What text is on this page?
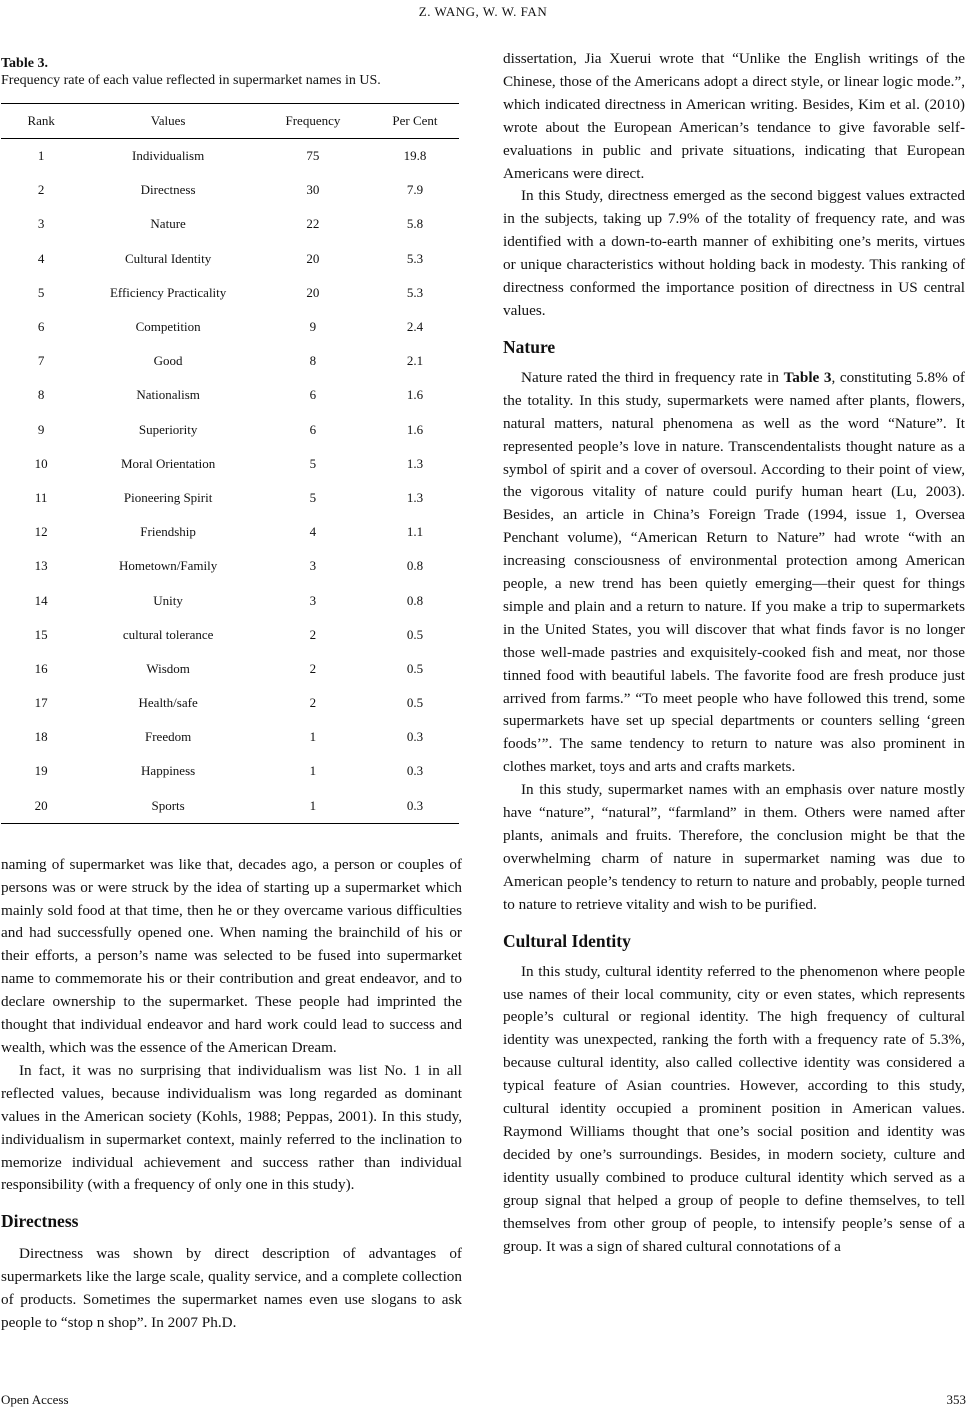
Z. WANG, W. W. FAN
Table 3.
Frequency rate of each value reflected in supermarket names in US.
Rank	Values	Frequency	Per Cent
1	Individualism	75	19.8
2	Directness	30	7.9
3	Nature	22	5.8
4	Cultural Identity	20	5.3
5	Efficiency Practicality	20	5.3
6	Competition	9	2.4
7	Good	8	2.1
8	Nationalism	6	1.6
9	Superiority	6	1.6
10	Moral Orientation	5	1.3
11	Pioneering Spirit	5	1.3
12	Friendship	4	1.1
13	Hometown/Family	3	0.8
14	Unity	3	0.8
15	cultural tolerance	2	0.5
16	Wisdom	2	0.5
17	Health/safe	2	0.5
18	Freedom	1	0.3
19	Happiness	1	0.3
20	Sports	1	0.3

naming of supermarket was like that, decades ago, a person or couples of persons was or were struck by the idea of starting up a supermarket which mainly sold food at that time, then he or they overcame various difficulties and had successfully opened one. When naming the brainchild of his or their efforts, a person’s name was selected to be fused into supermarket name to commemorate his or their contribution and great endeavor, and to declare ownership to the supermarket. These people had imprinted the thought that individual endeavor and hard work could lead to success and wealth, which was the essence of the American Dream.

In fact, it was no surprising that individualism was list No. 1 in all reflected values, because individualism was long regarded as dominant values in the American society (Kohls, 1988; Peppas, 2001). In this study, individualism in supermarket context, mainly referred to the inclination to memorize individual achievement and success rather than individual responsibility (with a frequency of only one in this study).

Directness

Directness was shown by direct description of advantages of supermarkets like the large scale, quality service, and a complete collection of products. Sometimes the supermarket names even use slogans to ask people to “stop n shop”. In 2007 Ph.D.

dissertation, Jia Xuerui wrote that “Unlike the English writings of the Chinese, those of the Americans adopt a direct style, or linear logic mode.”, which indicated directness in American writing. Besides, Kim et al. (2010) wrote about the European American’s tendance to give favorable self-evaluations in public and private situations, indicating that European Americans were direct.

In this Study, directness emerged as the second biggest values extracted in the subjects, taking up 7.9% of the totality of frequency rate, and was identified with a down-to-earth manner of exhibiting one’s merits, virtues or unique characteristics without holding back in modesty. This ranking of directness conformed the importance position of directness in US central values.

Nature

Nature rated the third in frequency rate in Table 3, constituting 5.8% of the totality. In this study, supermarkets were named after plants, flowers, natural matters, natural phenomena as well as the word “Nature”. It represented people’s love in nature. Transcendentalists thought nature as a symbol of spirit and a cover of oversoul. According to their point of view, the vigorous vitality of nature could purify human heart (Lu, 2003). Besides, an article in China’s Foreign Trade (1994, issue 1, Oversea Penchant volume), “American Return to Nature” had wrote “with an increasing consciousness of environmental protection among American people, a new trend has been quietly emerging—their quest for things simple and plain and a return to nature. If you make a trip to supermarkets in the United States, you will discover that what finds favor is no longer those well-made pastries and exquisitely-cooked fish and meat, nor those tinned food with beautiful labels. The favorite food are fresh produce just arrived from farms.” “To meet people who have followed this trend, some supermarkets have set up special departments or counters selling ‘green foods’”. The same tendency to return to nature was also prominent in clothes market, toys and arts and crafts markets.

In this study, supermarket names with an emphasis over nature mostly have “nature”, “natural”, “farmland” in them. Others were named after plants, animals and fruits. Therefore, the conclusion might be that the overwhelming charm of nature in supermarket naming was due to American people’s tendency to return to nature and probably, people turned to nature to retrieve vitality and wish to be purified.

Cultural Identity

In this study, cultural identity referred to the phenomenon where people use names of their local community, city or even states, which represents people’s cultural or regional identity. The high frequency of cultural identity was unexpected, ranking the forth with a frequency rate of 5.3%, because cultural identity, also called collective identity was considered a typical feature of Asian countries. However, according to this study, cultural identity occupied a prominent position in American values. Raymond Williams thought that one’s social position and identity was decided by one’s surroundings. Besides, in modern society, culture and identity usually combined to produce cultural identity which served as a group signal that helped a group of people to define themselves, to tell themselves from other group of people, to intensify people’s sense of a group. It was a sign of shared cultural connotations of a

Open Access	353
